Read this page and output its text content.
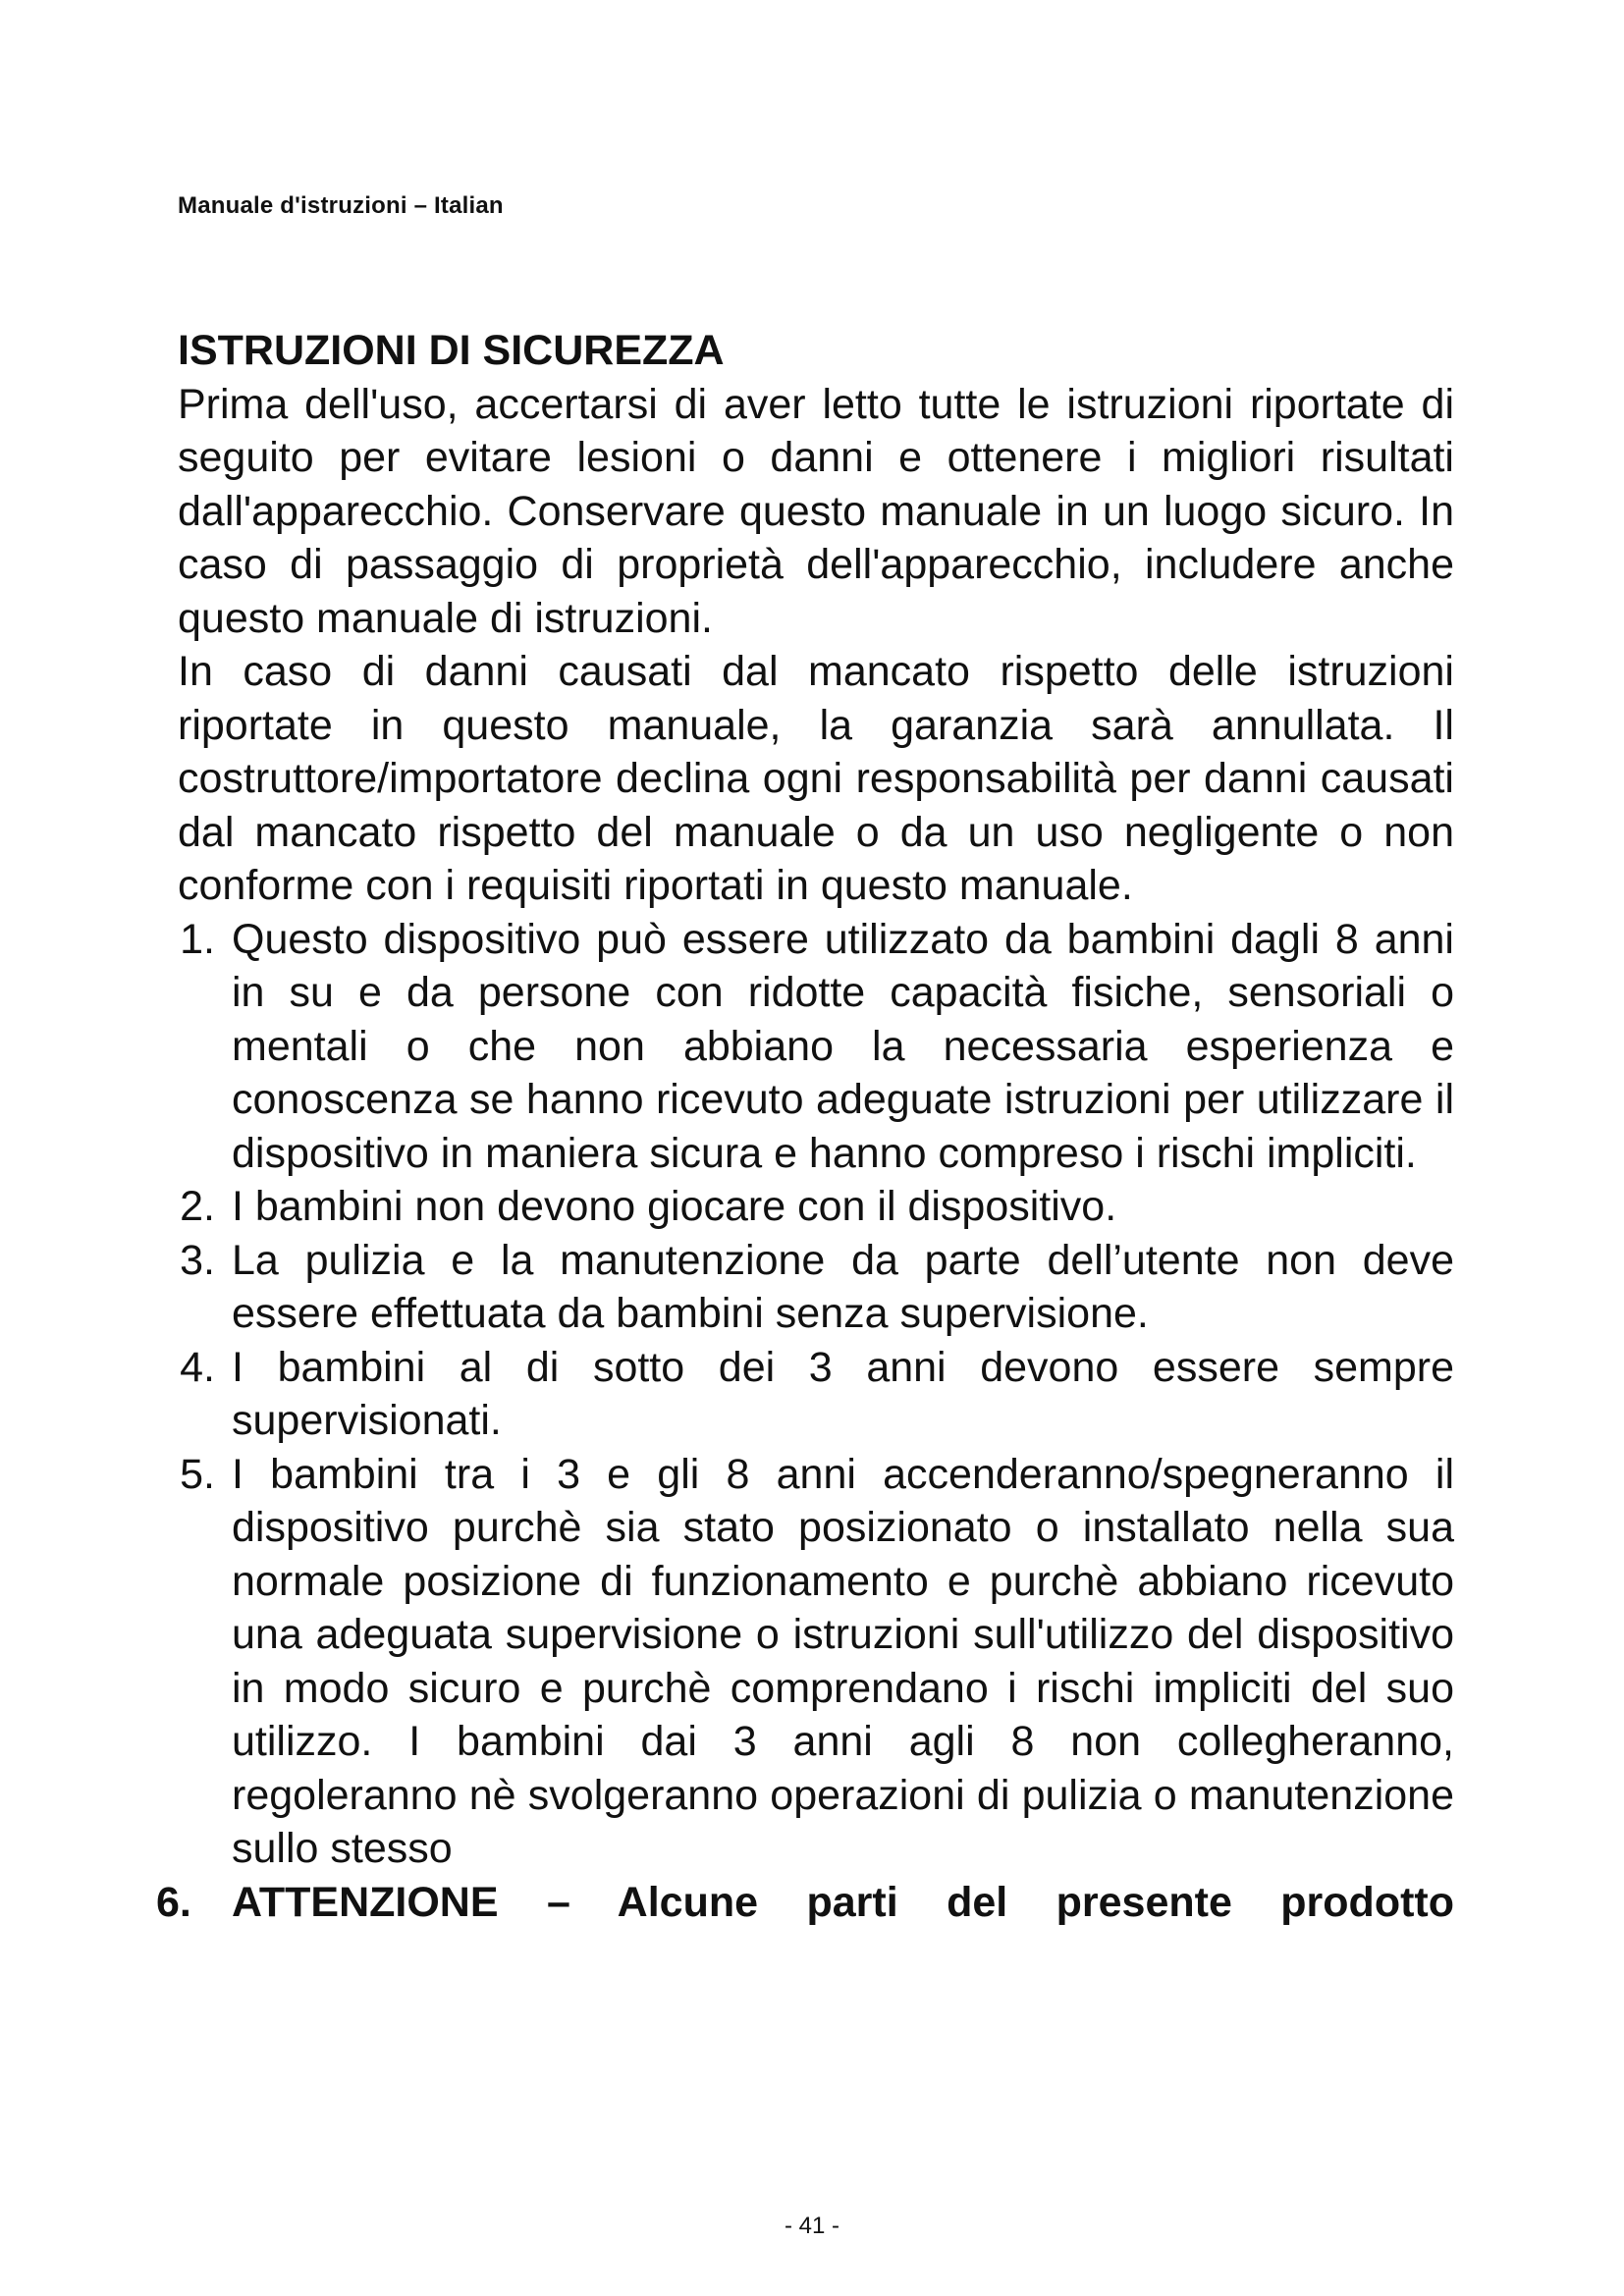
Manuale d'istruzioni – Italian
ISTRUZIONI DI SICUREZZA

Prima dell'uso, accertarsi di aver letto tutte le istruzioni riportate di seguito per evitare lesioni o danni e ottenere i migliori risultati dall'apparecchio. Conservare questo manuale in un luogo sicuro. In caso di passaggio di proprietà dell'apparecchio, includere anche questo manuale di istruzioni.

In caso di danni causati dal mancato rispetto delle istruzioni riportate in questo manuale, la garanzia sarà annullata. Il costruttore/importatore declina ogni responsabilità per danni causati dal mancato rispetto del manuale o da un uso negligente o non conforme con i requisiti riportati in questo manuale.

1. Questo dispositivo può essere utilizzato da bambini dagli 8 anni in su e da persone con ridotte capacità fisiche, sensoriali o mentali o che non abbiano la necessaria esperienza e conoscenza se hanno ricevuto adeguate istruzioni per utilizzare il dispositivo in maniera sicura e hanno compreso i rischi impliciti.
2. I bambini non devono giocare con il dispositivo.
3. La pulizia e la manutenzione da parte dell’utente non deve essere effettuata da bambini senza supervisione.
4. I bambini al di sotto dei 3 anni devono essere sempre supervisionati.
5. I bambini tra i 3 e gli 8 anni accenderanno/spegneranno il dispositivo purchè sia stato posizionato o installato nella sua normale posizione di funzionamento e purchè abbiano ricevuto una adeguata supervisione o istruzioni sull'utilizzo del dispositivo in modo sicuro e purchè comprendano i rischi impliciti del suo utilizzo. I bambini dai 3 anni agli 8 non collegheranno, regoleranno nè svolgeranno operazioni di pulizia o manutenzione sullo stesso
6. ATTENZIONE – Alcune parti del presente prodotto
- 41 -
